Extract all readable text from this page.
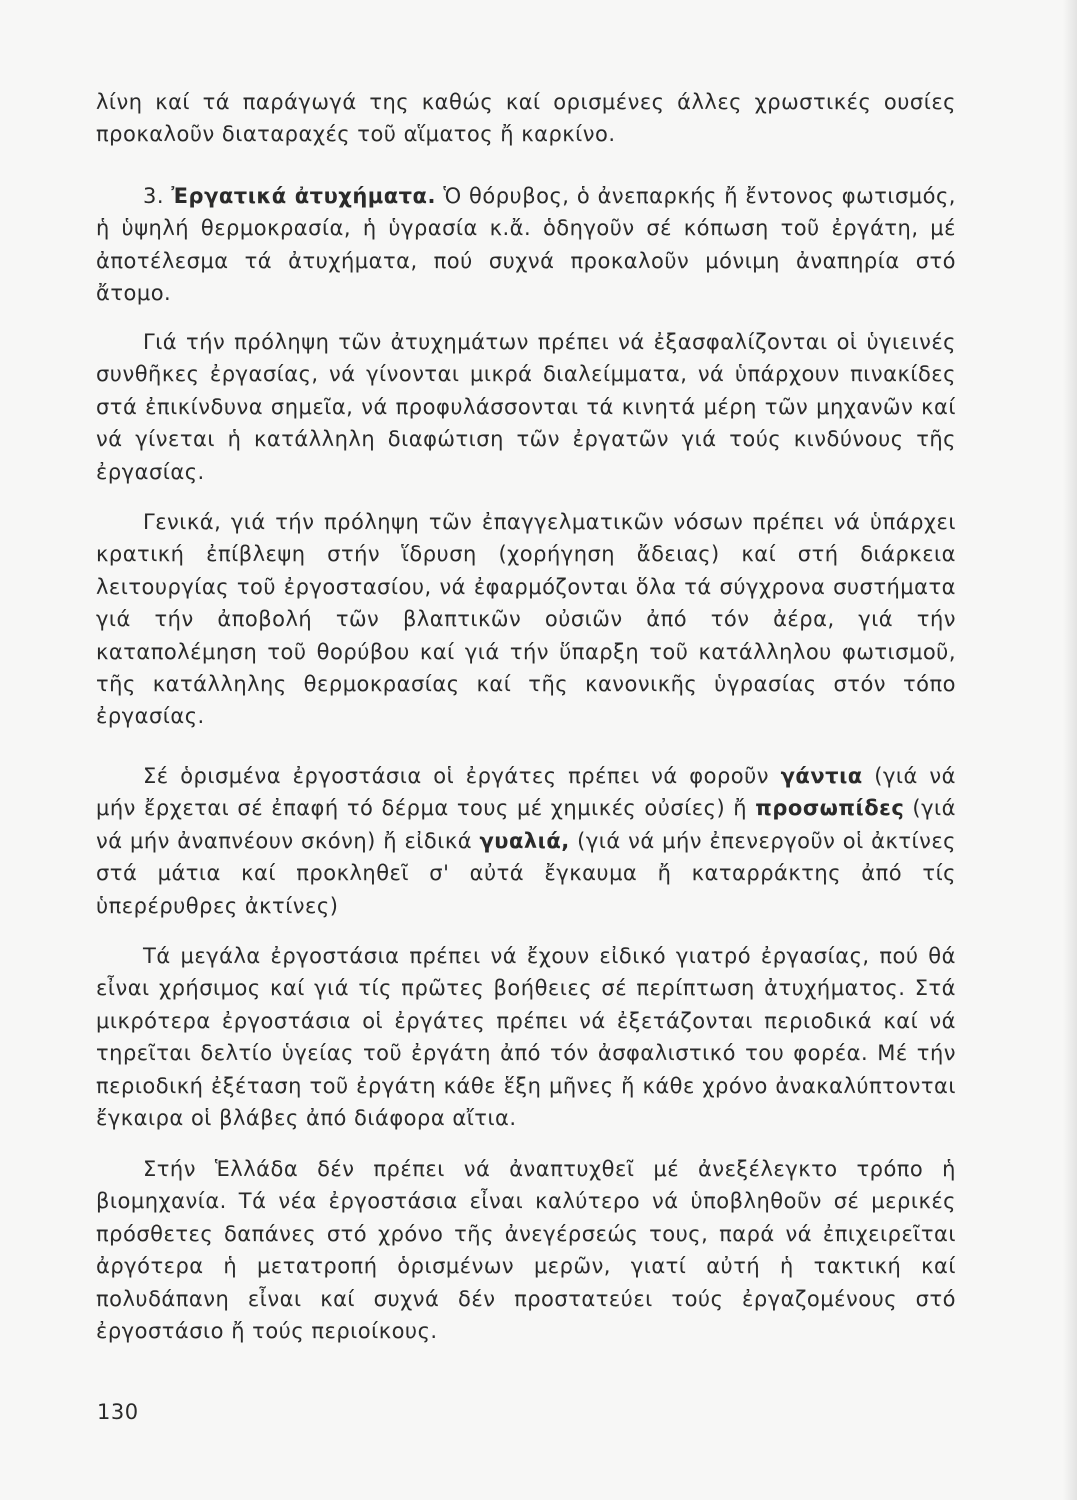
λίνη καί τά παράγωγά της καθώς καί ορισμένες άλλες χρωστικές ουσίες προκαλοῦν διαταραχές τοῦ αἵματος ἤ καρκίνο.

3. Ἐργατικά ἀτυχήματα. Ὁ θόρυβος, ὁ ἀνεπαρκής ἤ ἔντονος φωτισμός, ἡ ὑψηλή θερμοκρασία, ἡ ὑγρασία κ.ἄ. ὁδηγοῦν σέ κόπωση τοῦ ἐργάτη, μέ ἀποτέλεσμα τά ἀτυχήματα, πού συχνά προκαλοῦν μόνιμη ἀναπηρία στό ἄτομο.

Γιά τήν πρόληψη τῶν ἀτυχημάτων πρέπει νά ἐξασφαλίζονται οἱ ὑγιεινές συνθῆκες ἐργασίας, νά γίνονται μικρά διαλείμματα, νά ὑπάρχουν πινακίδες στά ἐπικίνδυνα σημεῖα, νά προφυλάσσονται τά κινητά μέρη τῶν μηχανῶν καί νά γίνεται ἡ κατάλληλη διαφώτιση τῶν ἐργατῶν γιά τούς κινδύνους τῆς ἐργασίας.

Γενικά, γιά τήν πρόληψη τῶν ἐπαγγελματικῶν νόσων πρέπει νά ὑπάρχει κρατική ἐπίβλεψη στήν ἵδρυση (χορήγηση ἄδειας) καί στή διάρκεια λειτουργίας τοῦ ἐργοστασίου, νά ἐφαρμόζονται ὅλα τά σύγχρονα συστήματα γιά τήν ἀποβολή τῶν βλαπτικῶν οὐσιῶν ἀπό τόν ἀέρα, γιά τήν καταπολέμηση τοῦ θορύβου καί γιά τήν ὕπαρξη τοῦ κατάλληλου φωτισμοῦ, τῆς κατάλληλης θερμοκρασίας καί τῆς κανονικῆς ὑγρασίας στόν τόπο ἐργασίας.

Σέ ὁρισμένα ἐργοστάσια οἱ ἐργάτες πρέπει νά φοροῦν γάντια (γιά νά μήν ἔρχεται σέ ἐπαφή τό δέρμα τους μέ χημικές οὐσίες) ἤ προσωπίδες (γιά νά μήν ἀναπνέουν σκόνη) ἤ εἰδικά γυαλιά, (γιά νά μήν ἐπενεργοῦν οἱ ἀκτίνες στά μάτια καί προκληθεῖ σ' αὐτά ἔγκαυμα ἤ καταρράκτης ἀπό τίς ὑπερέρυθρες ἀκτίνες)

Τά μεγάλα ἐργοστάσια πρέπει νά ἔχουν εἰδικό γιατρό ἐργασίας, πού θά εἶναι χρήσιμος καί γιά τίς πρῶτες βοήθειες σέ περίπτωση ἀτυχήματος. Στά μικρότερα ἐργοστάσια οἱ ἐργάτες πρέπει νά ἐξετάζονται περιοδικά καί νά τηρεῖται δελτίο ὑγείας τοῦ ἐργάτη ἀπό τόν ἀσφαλιστικό του φορέα. Μέ τήν περιοδική ἐξέταση τοῦ ἐργάτη κάθε ἕξη μῆνες ἤ κάθε χρόνο ἀνακαλύπτονται ἔγκαιρα οἱ βλάβες ἀπό διάφορα αἴτια.

Στήν Ἑλλάδα δέν πρέπει νά ἀναπτυχθεῖ μέ ἀνεξέλεγκτο τρόπο ἡ βιομηχανία. Τά νέα ἐργοστάσια εἶναι καλύτερο νά ὑποβληθοῦν σέ μερικές πρόσθετες δαπάνες στό χρόνο τῆς ἀνεγέρσεώς τους, παρά νά ἐπιχειρεῖται ἀργότερα ἡ μετατροπή ὁρισμένων μερῶν, γιατί αὐτή ἡ τακτική καί πολυδάπανη εἶναι καί συχνά δέν προστατεύει τούς ἐργαζομένους στό ἐργοστάσιο ἤ τούς περιοίκους.

130
